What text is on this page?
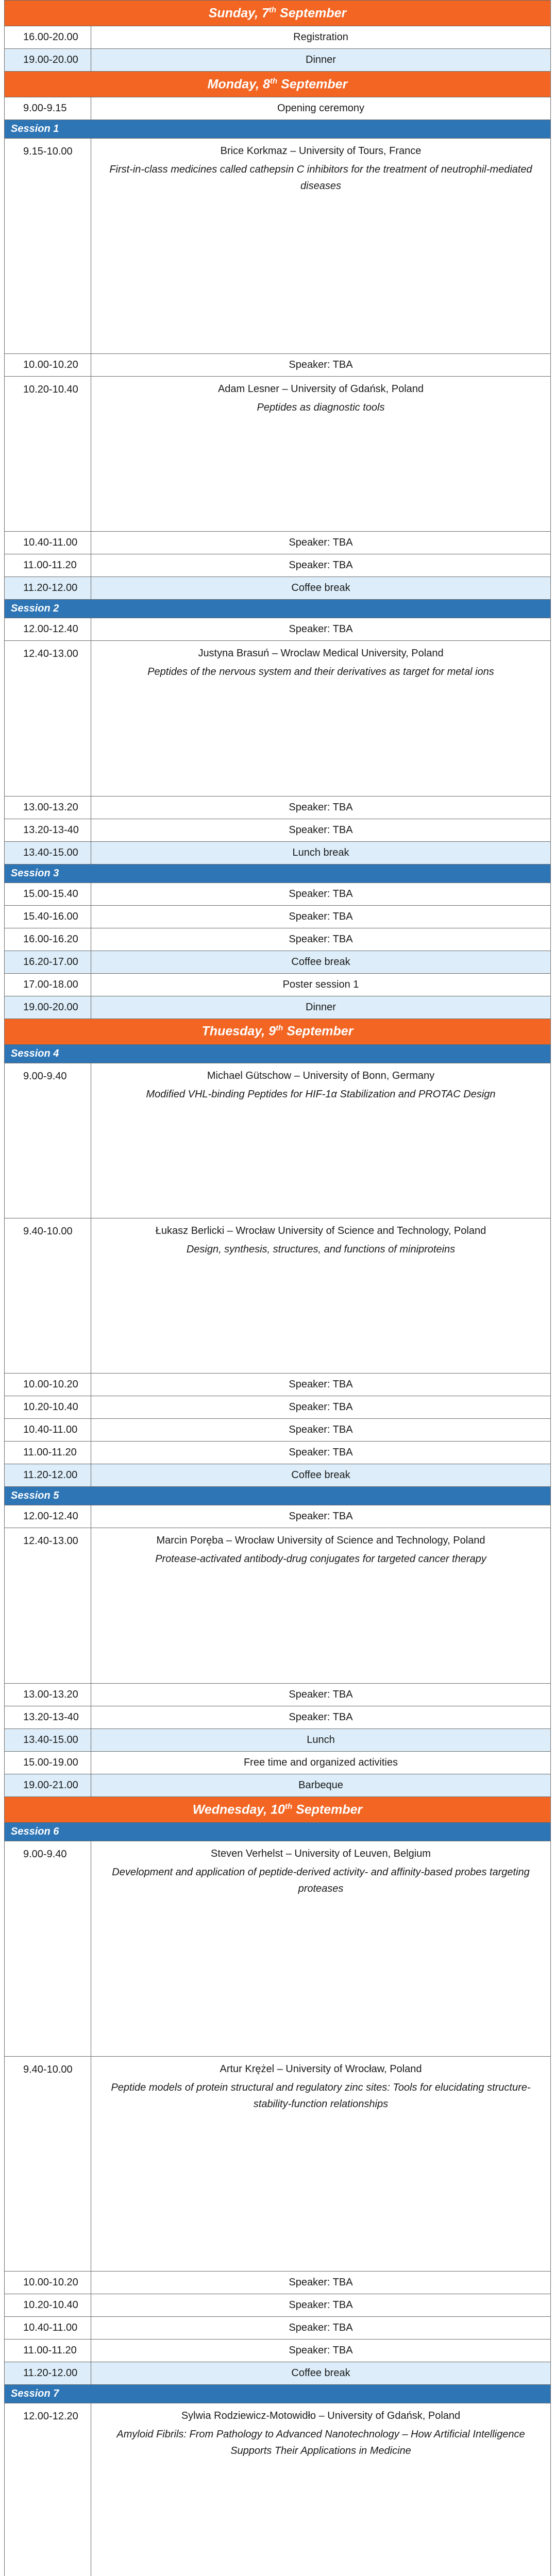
Sunday, 7th September
16.00-20.00	Registration
19.00-20.00	Dinner
Monday, 8th September
9.00-9.15	Opening ceremony
Session 1
9.15-10.00	Brice Korkmaz – University of Tours, France
First-in-class medicines called cathepsin C inhibitors for the treatment of neutrophil-mediated diseases
10.00-10.20	Speaker: TBA
10.20-10.40	Adam Lesner – University of Gdańsk, Poland
Peptides as diagnostic tools
10.40-11.00	Speaker: TBA
11.00-11.20	Speaker: TBA
11.20-12.00	Coffee break
Session 2
12.00-12.40	Speaker: TBA
12.40-13.00	Justyna Brasuń – Wroclaw Medical University, Poland
Peptides of the nervous system and their derivatives as target for metal ions
13.00-13.20	Speaker: TBA
13.20-13-40	Speaker: TBA
13.40-15.00	Lunch break
Session 3
15.00-15.40	Speaker: TBA
15.40-16.00	Speaker: TBA
16.00-16.20	Speaker: TBA
16.20-17.00	Coffee break
17.00-18.00	Poster session 1
19.00-20.00	Dinner
Thuesday, 9th September
Session 4
9.00-9.40	Michael Gütschow – University of Bonn, Germany
Modified VHL-binding Peptides for HIF-1α Stabilization and PROTAC Design
9.40-10.00	Łukasz Berlicki – Wrocław University of Science and Technology, Poland
Design, synthesis, structures, and functions of miniproteins
10.00-10.20	Speaker: TBA
10.20-10.40	Speaker: TBA
10.40-11.00	Speaker: TBA
11.00-11.20	Speaker: TBA
11.20-12.00	Coffee break
Session 5
12.00-12.40	Speaker: TBA
12.40-13.00	Marcin Poręba – Wrocław University of Science and Technology, Poland
Protease-activated antibody-drug conjugates for targeted cancer therapy
13.00-13.20	Speaker: TBA
13.20-13-40	Speaker: TBA
13.40-15.00	Lunch
15.00-19.00	Free time and organized activities
19.00-21.00	Barbeque
Wednesday, 10th September
Session 6
9.00-9.40	Steven Verhelst – University of Leuven, Belgium
Development and application of peptide-derived activity- and affinity-based probes targeting proteases
9.40-10.00	Artur Krężel – University of Wrocław, Poland
Peptide models of protein structural and regulatory zinc sites: Tools for elucidating structure-stability-function relationships
10.00-10.20	Speaker: TBA
10.20-10.40	Speaker: TBA
10.40-11.00	Speaker: TBA
11.00-11.20	Speaker: TBA
11.20-12.00	Coffee break
Session 7
12.00-12.20	Sylwia Rodziewicz-Motowidło – University of Gdańsk, Poland
Amyloid Fibrils: From Pathology to Advanced Nanotechnology – How Artificial Intelligence Supports Their Applications in Medicine
